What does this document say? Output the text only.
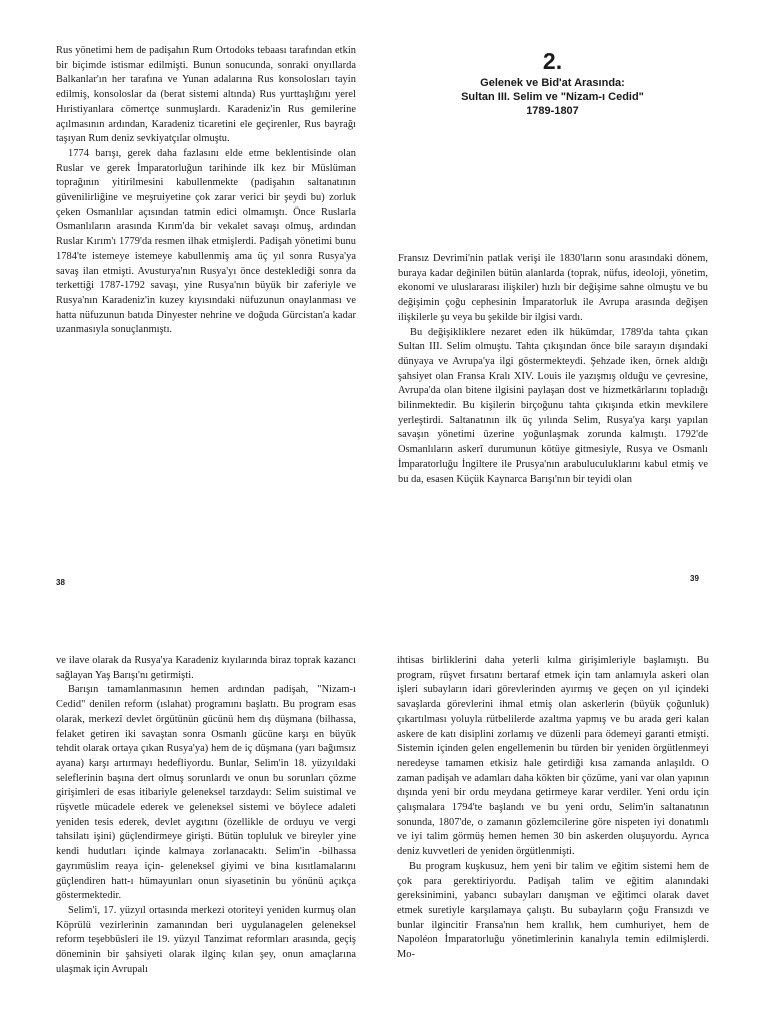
Rus yönetimi hem de padişahın Rum Ortodoks tebaası tarafından etkin bir biçimde istismar edilmişti. Bunun sonucunda, sonraki onyıllarda Balkanlar'ın her tarafına ve Yunan adalarına Rus konsolosları tayin edilmiş, konsoloslar da (berat sistemi altında) Rus yurttaşlığını yerel Hıristiyanlara cömertçe sunmuşlardı. Karadeniz'in Rus gemilerine açılmasının ardından, Karadeniz ticaretini ele geçirenler, Rus bayrağı taşıyan Rum deniz sevkiyatçılar olmuştu.

1774 barışı, gerek daha fazlasını elde etme beklentisinde olan Ruslar ve gerek İmparatorluğun tarihinde ilk kez bir Müslüman toprağının yitirilmesini kabullenmekte (padişahın saltanatının güvenilirliğine ve meşruiyetine çok zarar verici bir şeydi bu) zorluk çeken Osmanlılar açısından tatmin edici olmamıştı. Önce Ruslarla Osmanlıların arasında Kırım'da bir vekalet savaşı olmuş, ardından Ruslar Kırım'ı 1779'da resmen ilhak etmişlerdi. Padişah yönetimi bunu 1784'te istemeye istemeye kabullenmiş ama üç yıl sonra Rusya'ya savaş ilan etmişti. Avusturya'nın Rusya'yı önce desteklediği sonra da terkettiği 1787-1792 savaşı, yine Rusya'nın büyük bir zaferiyle ve Rusya'nın Karadeniz'in kuzey kıyısındaki nüfuzunun onaylanması ve hatta nüfuzunun batıda Dinyester nehrine ve doğuda Gürcistan'a kadar uzanmasıyla sonuçlanmıştı.

38
2.
Gelenek ve Bid'at Arasında:
Sultan III. Selim ve "Nizam-ı Cedid"
1789-1807

Fransız Devrimi'nin patlak verişi ile 1830'ların sonu arasındaki dönem, buraya kadar değinilen bütün alanlarda (toprak, nüfus, ideoloji, yönetim, ekonomi ve uluslararası ilişkiler) hızlı bir değişime sahne olmuştu ve bu değişimin çoğu cephesinin İmparatorluk ile Avrupa arasında değişen ilişkilerle şu veya bu şekilde bir ilgisi vardı.

Bu değişikliklere nezaret eden ilk hükümdar, 1789'da tahta çıkan Sultan III. Selim olmuştu. Tahta çıkışından önce bile sarayın dışındaki dünyaya ve Avrupa'ya ilgi göstermekteydi. Şehzade iken, örnek aldığı şahsiyet olan Fransa Kralı XIV. Louis ile yazışmış olduğu ve çevresine, Avrupa'da olan bitene ilgisini paylaşan dost ve hizmetkârlarını topladığı bilinmektedir. Bu kişilerin birçoğunu tahta çıkışında etkin mevkilere yerleştirdi. Saltanatının ilk üç yılında Selim, Rusya'ya karşı yapılan savaşın yönetimi üzerine yoğunlaşmak zorunda kalmıştı. 1792'de Osmanlıların askerî durumunun kötüye gitmesiyle, Rusya ve Osmanlı İmparatorluğu İngiltere ile Prusya'nın arabuluculuklarını kabul etmiş ve bu da, esasen Küçük Kaynarca Barışı'nın bir teyidi olan

39

ve ilave olarak da Rusya'ya Karadeniz kıyılarında biraz toprak kazancı sağlayan Yaş Barışı'nı getirmişti.

Barışın tamamlanmasının hemen ardından padişah, "Nizam-ı Cedid" denilen reform (ıslahat) programını başlattı. Bu program esas olarak, merkezî devlet örgütünün gücünü hem dış düşmana (bilhassa, felaket getiren iki savaştan sonra Osmanlı gücüne karşı en büyük tehdit olarak ortaya çıkan Rusya'ya) hem de iç düşmana (yarı bağımsız ayana) karşı artırmayı hedefliyordu. Bunlar, Selim'in 18. yüzyıldaki seleflerinin başına dert olmuş sorunlardı ve onun bu sorunları çözme girişimleri de esas itibariyle geleneksel tarzdaydı: Selim suistimal ve rüşvetle mücadele ederek ve geleneksel sistemi ve böylece adaleti yeniden tesis ederek, devlet aygıtını (özellikle de orduyu ve vergi tahsilatı işini) güçlendirmeye girişti. Bütün topluluk ve bireyler yine kendi hudutları içinde kalmaya zorlanacaktı. Selim'in -bilhassa gayrımüslim reaya için- geleneksel giyimi ve bina kısıtlamalarını güçlendiren hatt-ı hümayunları onun siyasetinin bu yönünü açıkça göstermektedir.

Selim'i, 17. yüzyıl ortasında merkezi otoriteyi yeniden kurmuş olan Köprülü vezirlerinin zamanından beri uygulanagelen geleneksel reform teşebbüsleri ile 19. yüzyıl Tanzimat reformları arasında, geçiş döneminin bir şahsiyeti olarak ilginç kılan şey, onun amaçlarına ulaşmak için Avrupalı

ihtisas birliklerini daha yeterli kılma girişimleriyle başlamıştı. Bu program, rüşvet fırsatını bertaraf etmek için tam anlamıyla askeri olan işleri subayların idari görevlerinden ayırmış ve geçen on yıl içindeki savaşlarda görevlerini ihmal etmiş olan askerlerin (büyük çoğunluk) çıkartılması yoluyla rütbelilerde azaltma yapmış ve bu arada geri kalan askere de katı disiplini zorlamış ve düzenli para ödemeyi garanti etmişti. Sistemin içinden gelen engellemenin bu türden bir yeniden örgütlenmeyi neredeyse tamamen etkisiz hale getirdiği kısa zamanda anlaşıldı. O zaman padişah ve adamları daha kökten bir çözüme, yani var olan yapının dışında yeni bir ordu meydana getirmeye karar verdiler. Yeni ordu için çalışmalara 1794'te başlandı ve bu yeni ordu, Selim'in saltanatının sonunda, 1807'de, o zamanın gözlemcilerine göre nispeten iyi donatımlı ve iyi talim görmüş hemen hemen 30 bin askerden oluşuyordu. Ayrıca deniz kuvvetleri de yeniden örgütlenmişti.

Bu program kuşkusuz, hem yeni bir talim ve eğitim sistemi hem de çok para gerektiriyordu. Padişah talim ve eğitim alanındaki gereksinimini, yabancı subayları danışman ve eğitimci olarak davet etmek suretiyle karşılamaya çalıştı. Bu subayların çoğu Fransızdı ve bunlar ilgincitir Fransa'nın hem krallık, hem cumhuriyet, hem de Napoléon İmparatorluğu yönetimlerinin kanalıyla temin edilmişlerdi. Mo-
